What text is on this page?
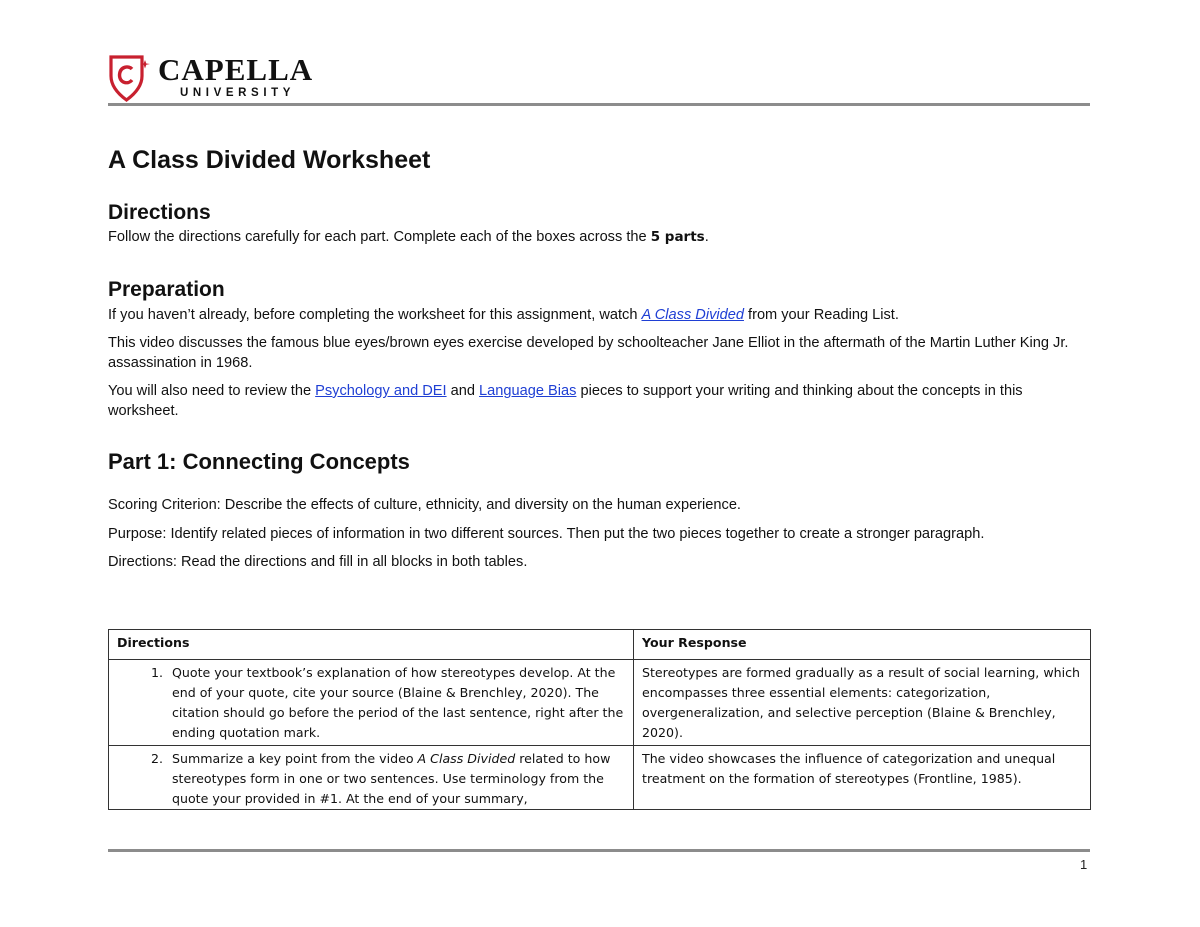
CAPELLA
UNIVERSITY
A Class Divided Worksheet
Directions

Follow the directions carefully for each part. Complete each of the boxes across the 5 parts.

Preparation

If you haven’t already, before completing the worksheet for this assignment, watch A Class Divided from your Reading List.

This video discusses the famous blue eyes/brown eyes exercise developed by schoolteacher Jane Elliot in the aftermath of the Martin Luther King Jr. assassination in 1968.

You will also need to review the Psychology and DEI and Language Bias pieces to support your writing and thinking about the concepts in this worksheet.

Part 1: Connecting Concepts

Scoring Criterion: Describe the effects of culture, ethnicity, and diversity on the human experience.

Purpose: Identify related pieces of information in two different sources. Then put the two pieces together to create a stronger paragraph.

Directions: Read the directions and fill in all blocks in both tables.

Directions	Your Response

1. Quote your textbook’s explanation of how stereotypes develop. At the end of your quote, cite your source (Blaine & Brenchley, 2020). The citation should go before the period of the last sentence, right after the ending quotation mark.	Stereotypes are formed gradually as a result of social learning, which encompasses three essential elements: categorization, overgeneralization, and selective perception (Blaine & Brenchley, 2020).

2. Summarize a key point from the video A Class Divided related to how stereotypes form in one or two sentences. Use terminology from the quote your provided in #1. At the end of your summary,	The video showcases the influence of categorization and unequal treatment on the formation of stereotypes (Frontline, 1985).
1
